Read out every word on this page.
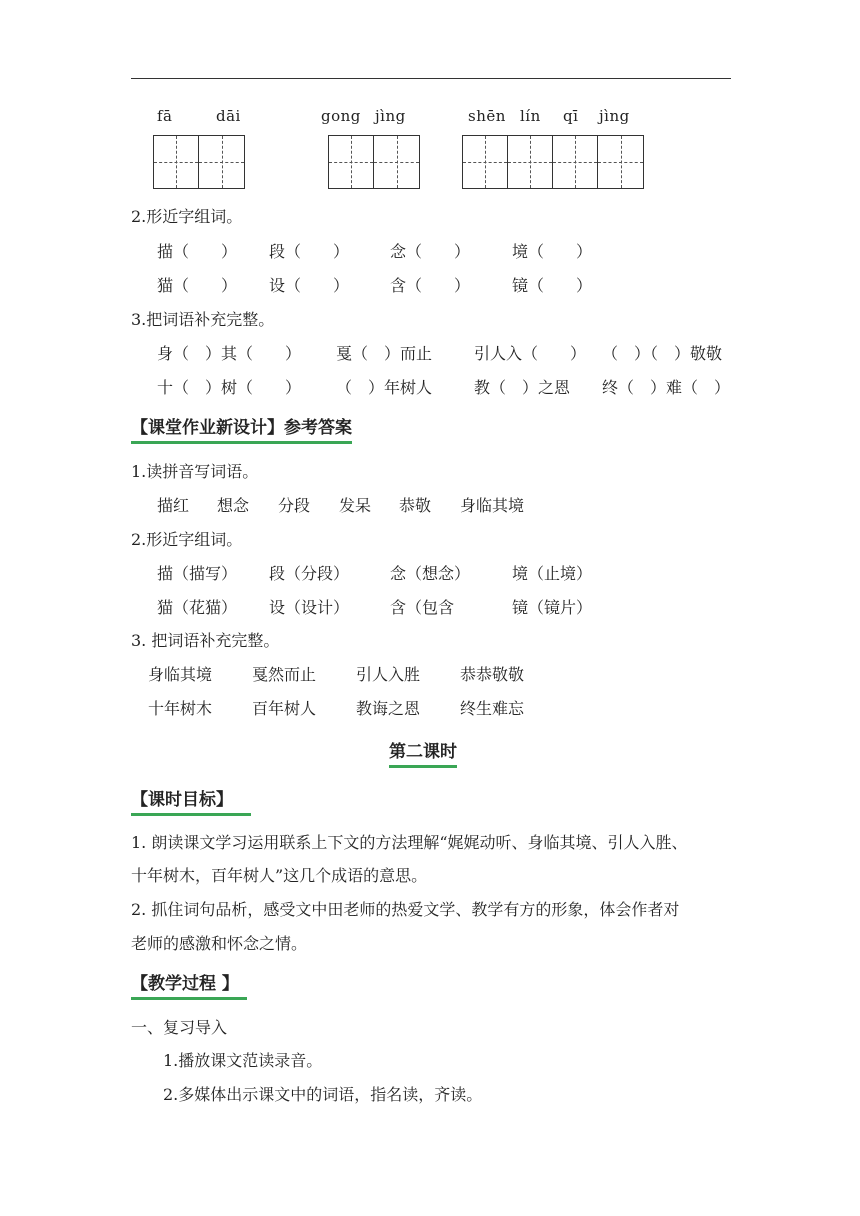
fā	dāi	gong jìng	shēn lín qī jìng
2.形近字组词。
描（　　） 段（　　）	念（　　）	境（　　）
猫（　　） 设（　　）	含（　　）	镜（　　）
3.把词语补充完整。
身（　）其（　　） 戛（　）而止	引人入（　　） （　）（　）敬敬
十（　）树（　　） （　）年树人	教（　）之恩 终（　）难（　）
【课堂作业新设计】参考答案
1.读拼音写词语。
描红 想念 分段 发呆 恭敬 身临其境
2.形近字组词。
描（描写） 段（分段）	念（想念）	境（止境）
猫（花猫） 设（设计）	含（包含	镜（镜片）
3. 把词语补充完整。
身临其境 戛然而止 引人入胜 恭恭敬敬
十年树木 百年树人 教诲之恩 终生难忘
第二课时
【课时目标】
1. 朗读课文学习运用联系上下文的方法理解“娓娓动听、身临其境、引人入胜、
十年树木，百年树人”这几个成语的意思。
2. 抓住词句品析，感受文中田老师的热爱文学、教学有方的形象，体会作者对
老师的感激和怀念之情。
【教学过程 】
一、复习导入
1.播放课文范读录音。
2.多媒体出示课文中的词语，指名读，齐读。
